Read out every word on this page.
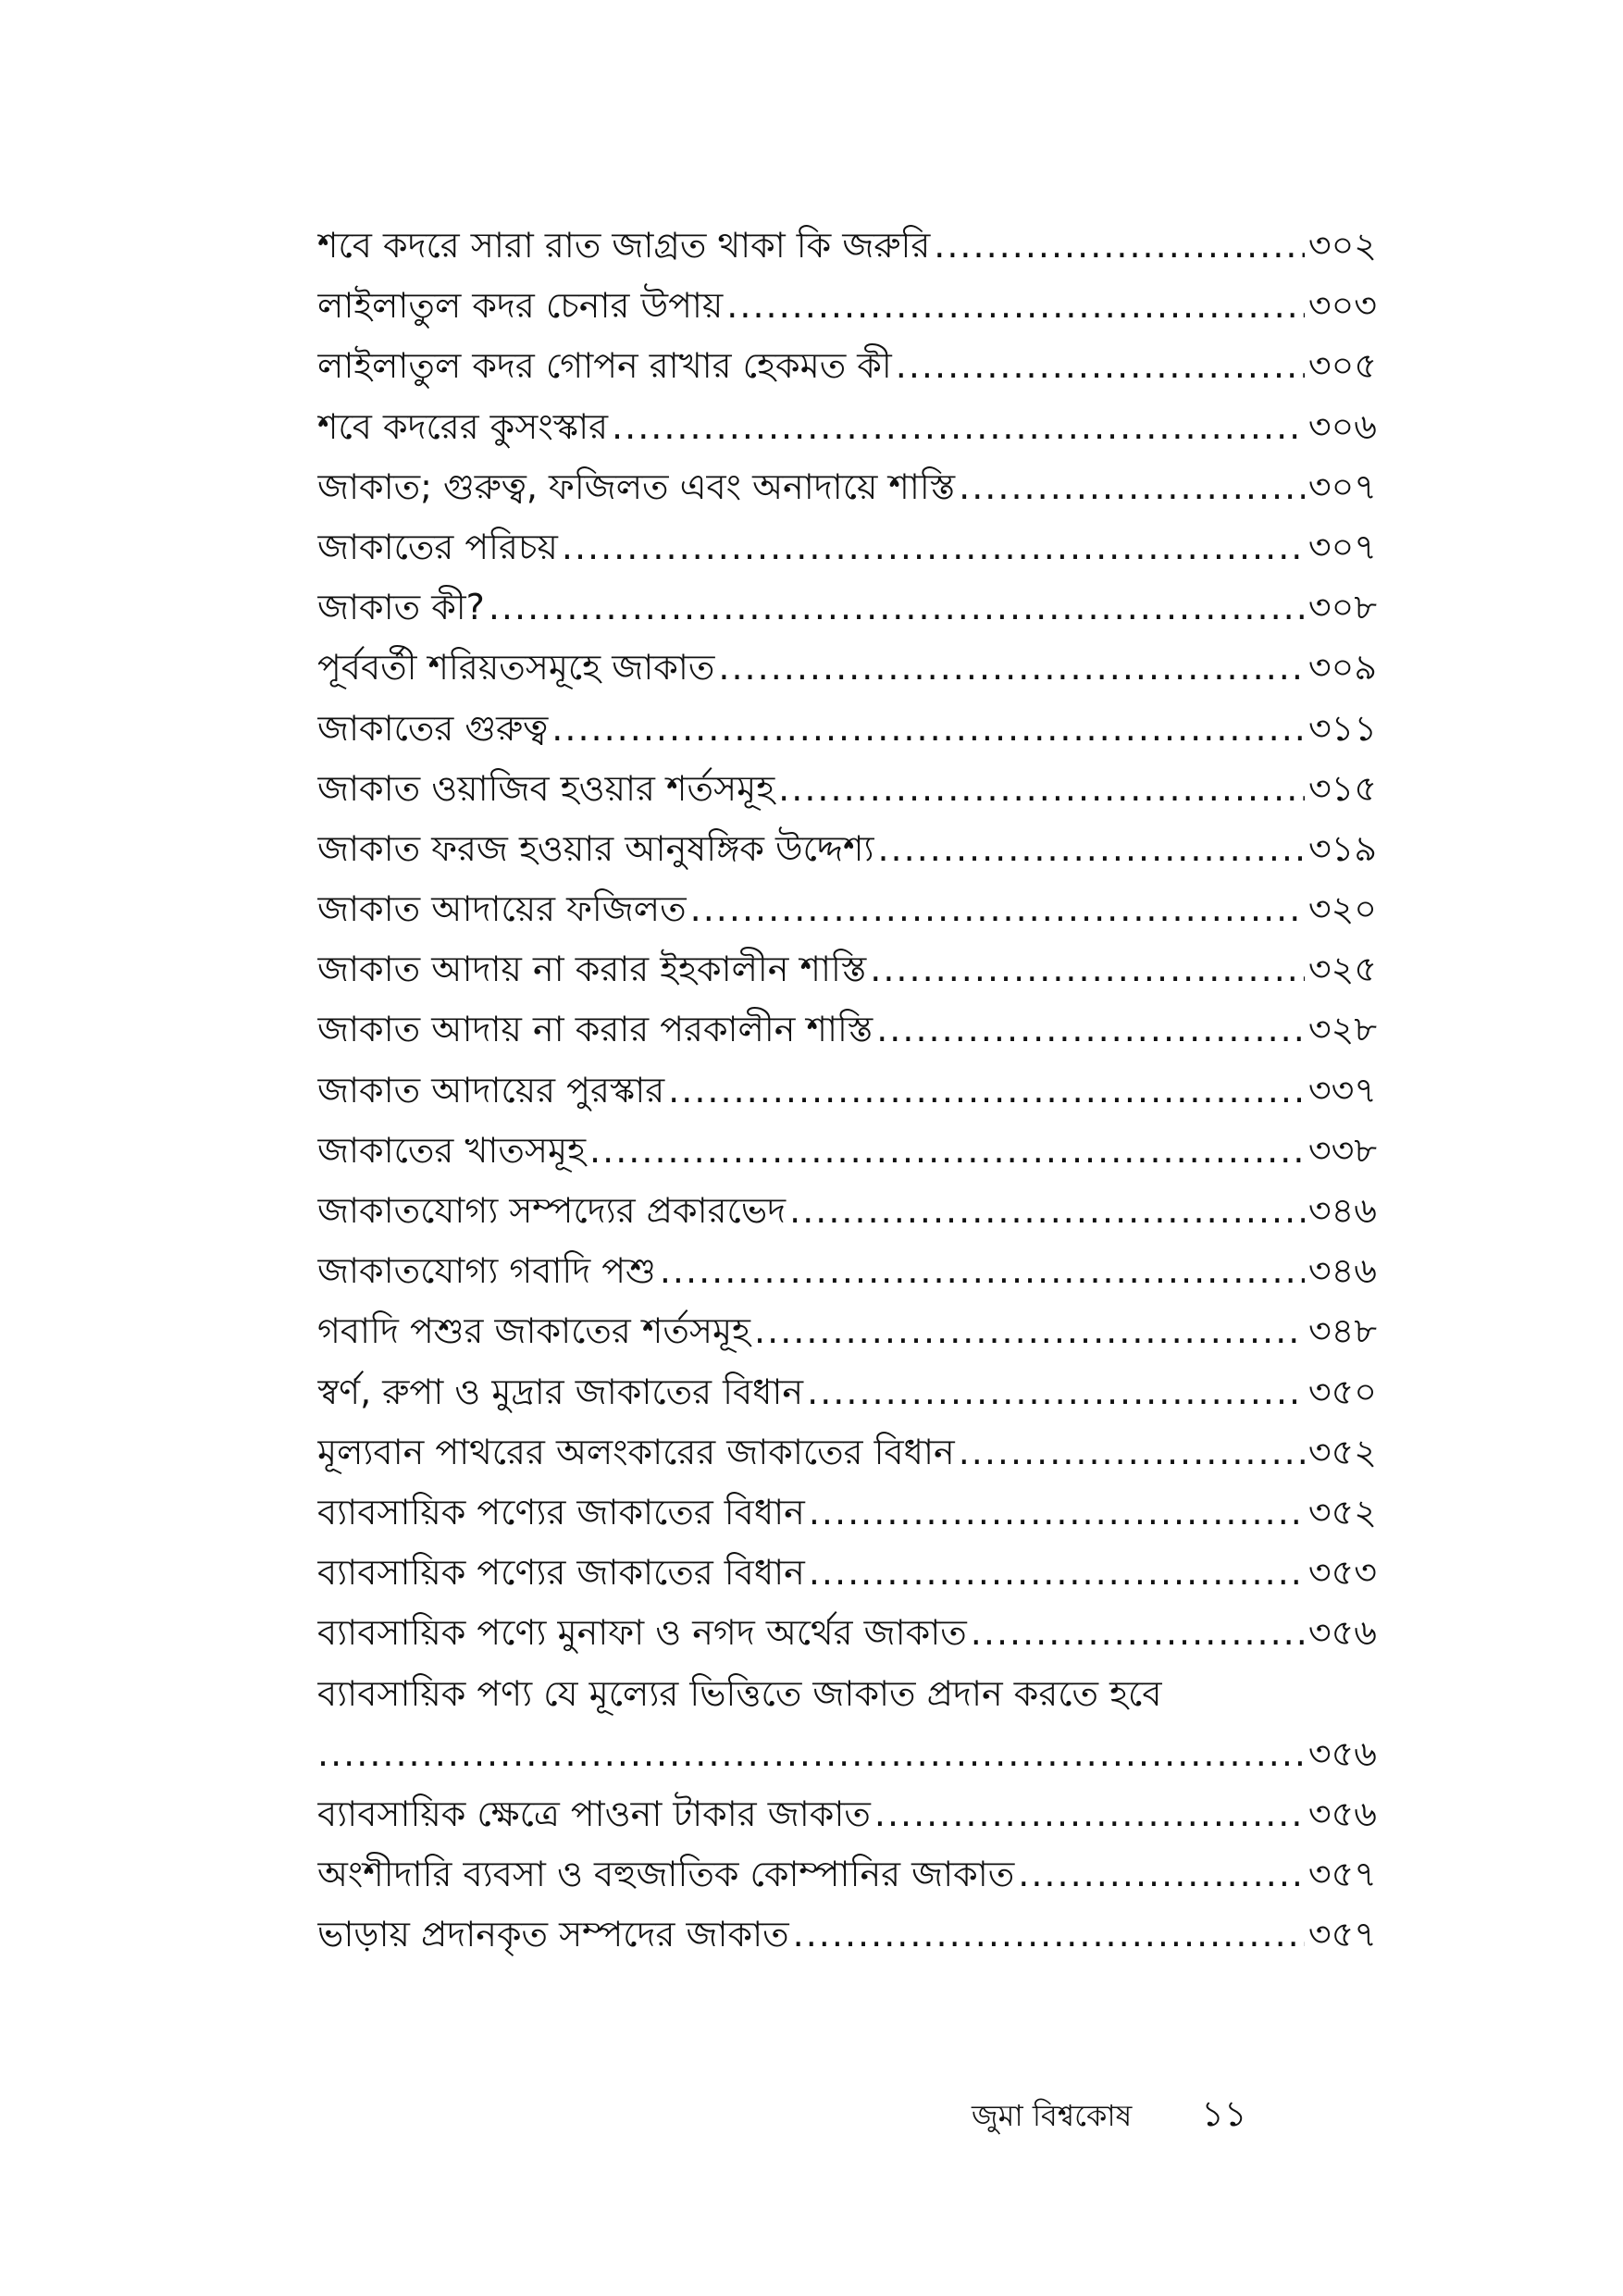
শবে কদরে সারা রাত জাগ্রত থাকা কি জরুরি .....	৩০২
লাইলাতুল কদর চেনার উপায় .....	৩০৩
লাইলাতুল কদর গোপন রাখার হেকমত কী .....	৩০৫
শবে কদরের কুসংস্কার .....	৩০৬
জাকাত; গুরুত্ব, ফজিলত এবং অনাদায়ে শাস্তি .....	৩০৭
জাকাতের পরিচয় .....	৩০৭
জাকাত কী? .....	৩০৮
পূর্ববর্তী শরিয়তসমূহে জাকাত .....	৩০৯
জাকাতের গুরুত্ব .....	৩১১
জাকাত ওয়াজিব হওয়ার শর্তসমূহ .....	৩১৫
জাকাত ফরজ হওয়ার আনুষঙ্গিক উদ্দেশ্য .....	৩১৯
জাকাত আদায়ের ফজিলত .....	৩২০
জাকাত আদায় না করার ইহকালীন শাস্তি .....	৩২৫
জাকাত আদায় না করার পরকালীন শাস্তি .....	৩২৮
জাকাত আদায়ের পুরস্কার .....	৩৩৭
জাকাতের খাতসমূহ .....	৩৩৮
জাকাতযোগ্য সম্পদ্যের প্রকারভেদ .....	৩৪৬
জাকাতযোগ্য গবাদি পশু .....	৩৪৬
গবাদি পশুর জাকাতের শর্তসমূহ .....	৩৪৮
স্বর্ণ, রুপা ও মুদ্রার জাকাতের বিধান .....	৩৫০
মূল্যবান পাথরের অলংকারের জাকাতের বিধান .....	৩৫২
ব্যাবসায়িক পণ্যের জাকাতের বিধান .....	৩৫২
ব্যাবসায়িক পণ্যের জাকাতের বিধান .....	৩৫৩
ব্যাবসায়িক পণ্যে মুনাফা ও নগদ অর্থের জাকাত .....	৩৫৬
ব্যাবসায়িক পণ্য যে মূল্যের ভিত্তিতে জাকাত প্রদান করতে হবে
.....
৩৫৬
ব্যাবসায়িক ক্ষেত্রে পাওনা টাকার জাকাত .....	৩৫৬
অংশীদারি ব্যবসা ও বহুজাতিক কোম্পানির জাকাত .....	৩৫৭
ভাড়ায় প্রদানকৃত সম্পদের জাকাত .....	৩৫৭
জুমা বিশ্বকোষ ১১
